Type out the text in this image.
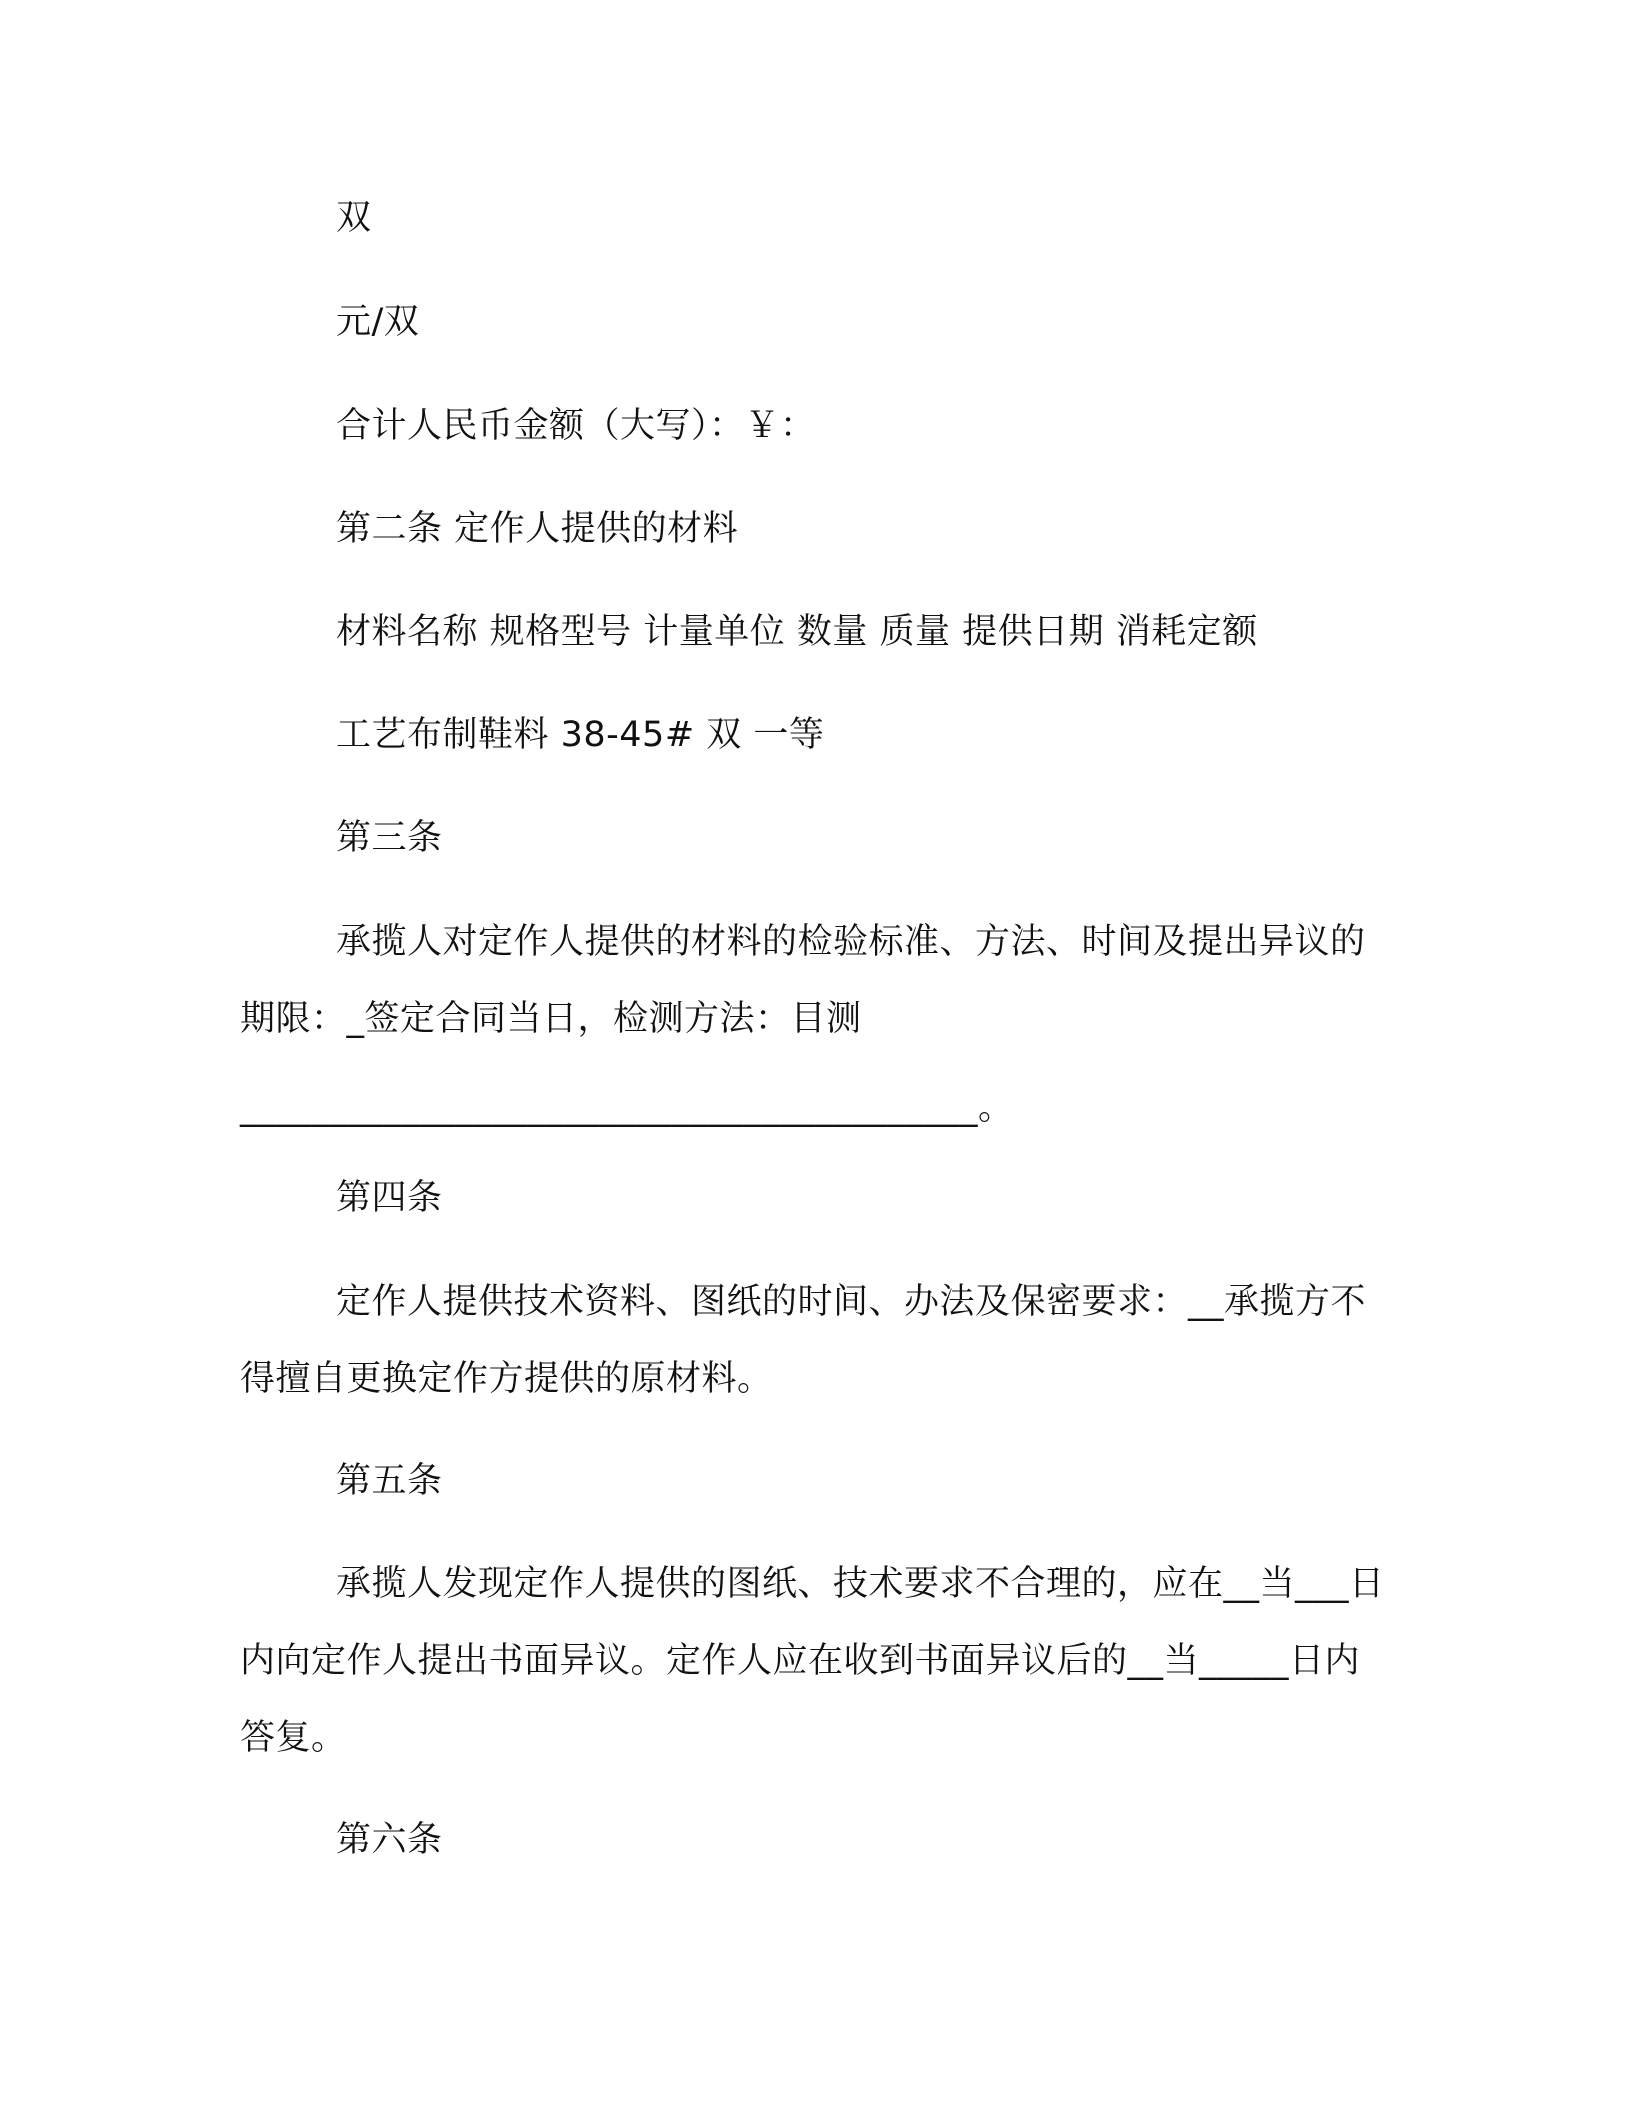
双
元/双
合计人民币金额（大写）：￥：
第二条 定作人提供的材料
材料名称 规格型号 计量单位 数量 质量 提供日期 消耗定额
工艺布制鞋料 38-45# 双 一等
第三条
承揽人对定作人提供的材料的检验标准、方法、时间及提出异议的期限：_签定合同当日，检测方法：目测
_________________________________________。
第四条
定作人提供技术资料、图纸的时间、办法及保密要求：__承揽方不得擅自更换定作方提供的原材料。
第五条
承揽人发现定作人提供的图纸、技术要求不合理的，应在__当___日内向定作人提出书面异议。定作人应在收到书面异议后的__当_____日内答复。
第六条
